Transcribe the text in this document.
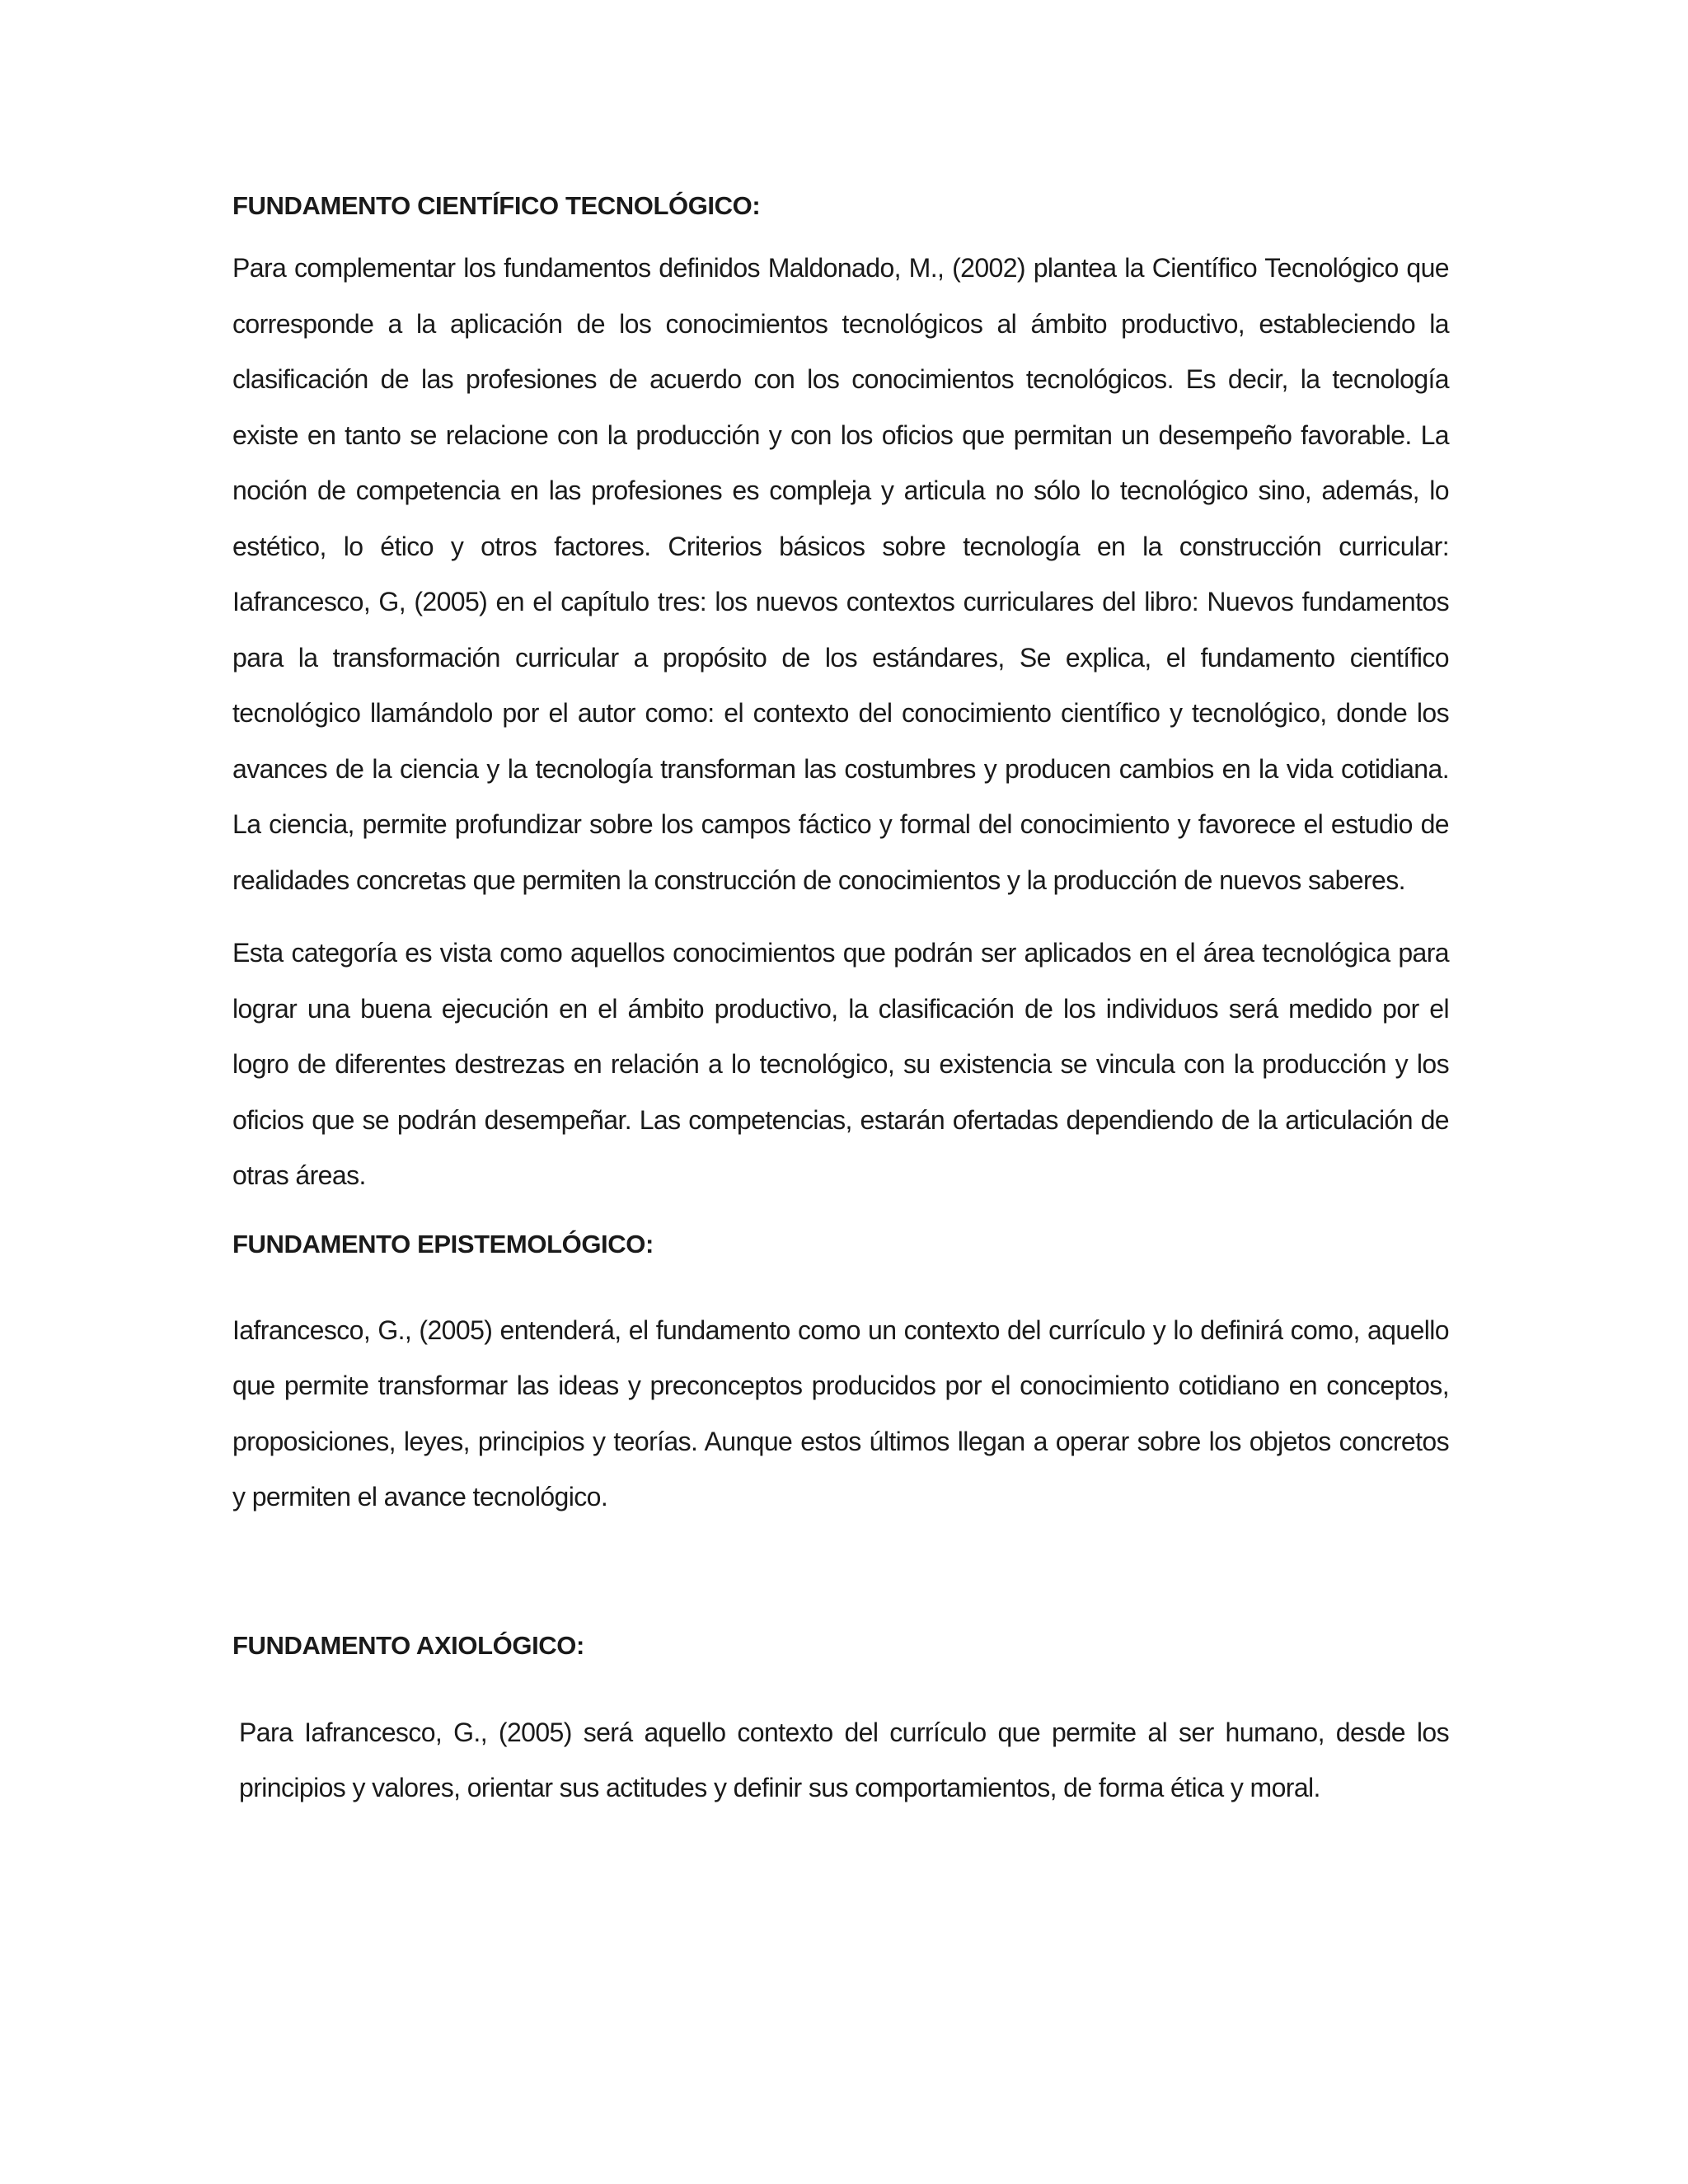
FUNDAMENTO CIENTÍFICO TECNOLÓGICO:

Para complementar los fundamentos definidos Maldonado, M., (2002) plantea la Científico Tecnológico que corresponde a la aplicación de los conocimientos tecnológicos al ámbito productivo, estableciendo la clasificación de las profesiones de acuerdo con los conocimientos tecnológicos. Es decir, la tecnología existe en tanto se relacione con la producción y con los oficios que permitan un desempeño favorable. La noción de competencia en las profesiones es compleja y articula no sólo lo tecnológico sino, además, lo estético, lo ético y otros factores. Criterios básicos sobre tecnología en la construcción curricular: Iafrancesco, G, (2005) en el capítulo tres: los nuevos contextos curriculares del libro: Nuevos fundamentos para la transformación curricular a propósito de los estándares, Se explica, el fundamento científico tecnológico llamándolo por el autor como: el contexto del conocimiento científico y tecnológico, donde los avances de la ciencia y la tecnología transforman las costumbres y producen cambios en la vida cotidiana. La ciencia, permite profundizar sobre los campos fáctico y formal del conocimiento y favorece el estudio de realidades concretas que permiten la construcción de conocimientos y la producción de nuevos saberes.

Esta categoría es vista como aquellos conocimientos que podrán ser aplicados en el área tecnológica para lograr una buena ejecución en el ámbito productivo, la clasificación de los individuos será medido por el logro de diferentes destrezas en relación a lo tecnológico, su existencia se vincula con la producción y los oficios que se podrán desempeñar. Las competencias, estarán ofertadas dependiendo de la articulación de otras áreas.

FUNDAMENTO EPISTEMOLÓGICO:

Iafrancesco, G., (2005) entenderá, el fundamento como un contexto del currículo y lo definirá como, aquello que permite transformar las ideas y preconceptos producidos por el conocimiento cotidiano en conceptos, proposiciones, leyes, principios y teorías. Aunque estos últimos llegan a operar sobre los objetos concretos y permiten el avance tecnológico.

FUNDAMENTO AXIOLÓGICO:

Para Iafrancesco, G., (2005) será aquello contexto del currículo que permite al ser humano, desde los principios y valores, orientar sus actitudes y definir sus comportamientos, de forma ética y moral.
